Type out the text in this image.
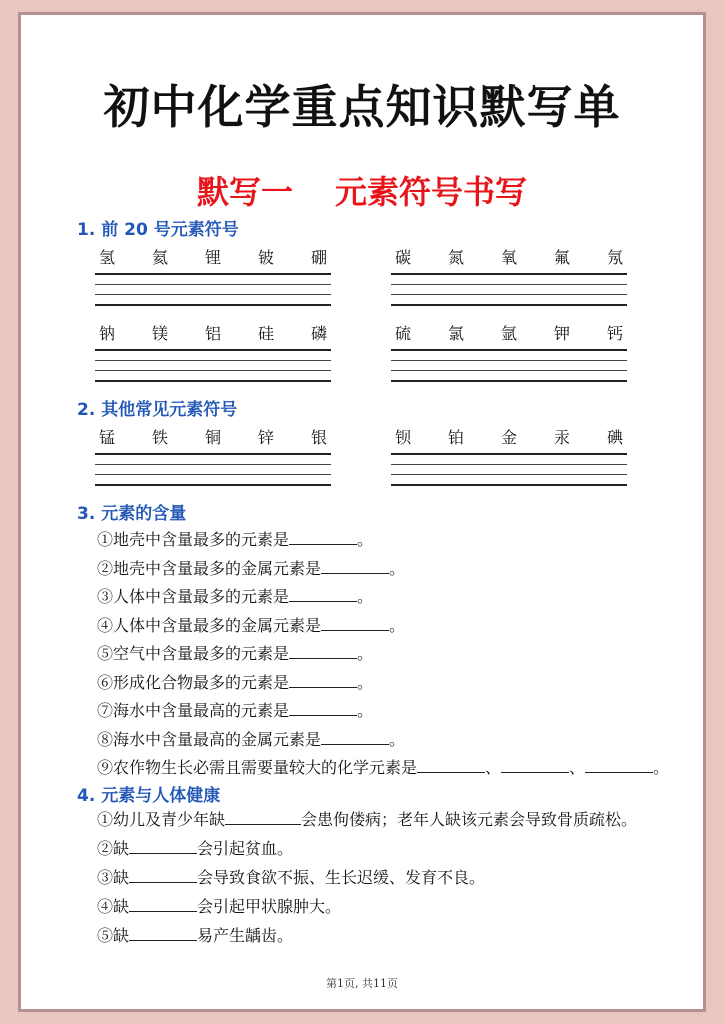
初中化学重点知识默写单
默写一 元素符号书写
1. 前 20 号元素符号
氢 氦 锂 铍 硼	碳 氮 氧 氟 氖
钠 镁 铝 硅 磷	硫 氯 氩 钾 钙
2. 其他常见元素符号
锰 铁 铜 锌 银	钡 铂 金 汞 碘
3. 元素的含量
①地壳中含量最多的元素是	。
②地壳中含量最多的金属元素是	。
③人体中含量最多的元素是	。
④人体中含量最多的金属元素是	。
⑤空气中含量最多的元素是	。
⑥形成化合物最多的元素是	。
⑦海水中含量最高的元素是	。
⑧海水中含量最高的金属元素是	。
⑨农作物生长必需且需要量较大的化学元素是	、	、	。
4. 元素与人体健康
①幼儿及青少年缺	会患佝偻病；老年人缺该元素会导致骨质疏松。
②缺	会引起贫血。
③缺	会导致食欲不振、生长迟缓、发育不良。
④缺	会引起甲状腺肿大。
⑤缺	易产生龋齿。
第1页, 共11页
